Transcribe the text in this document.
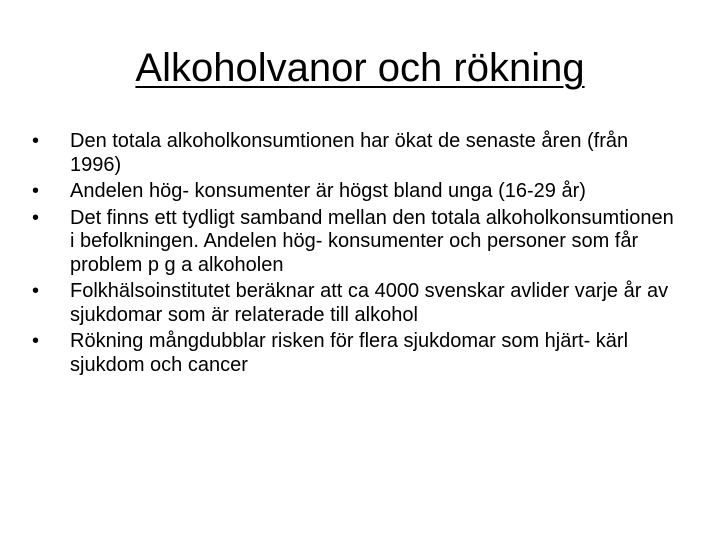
Alkoholvanor och rökning
•	Den totala alkoholkonsumtionen har ökat de senaste åren (från 1996)
•	Andelen hög- konsumenter är högst bland unga (16-29 år)
•	Det finns ett tydligt samband mellan den totala alkoholkonsumtionen i befolkningen. Andelen hög- konsumenter och personer som får problem p g a alkoholen
•	Folkhälsoinstitutet beräknar att ca 4000 svenskar avlider varje år av sjukdomar som är relaterade till alkohol
•	Rökning mångdubblar risken för flera sjukdomar som hjärt- kärl sjukdom och cancer
